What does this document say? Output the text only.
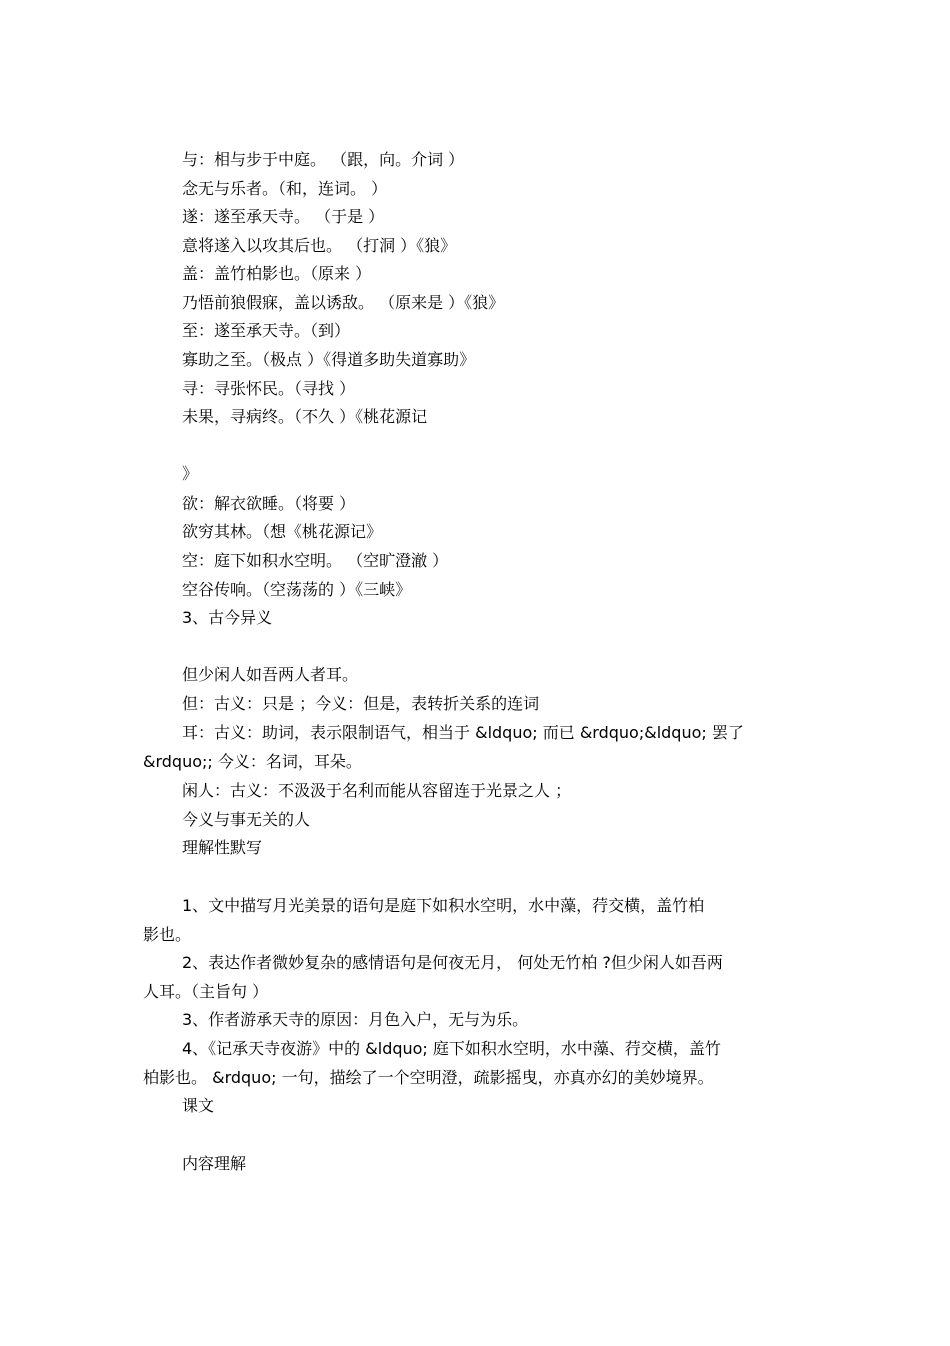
与：相与步于中庭。 （跟，向。介词 ）
念无与乐者。（和，连词。 ）
遂：遂至承天寺。 （于是 ）
意将遂入以攻其后也。 （打洞 ）《狼》
盖：盖竹柏影也。（原来 ）
乃悟前狼假寐，盖以诱敌。 （原来是 ）《狼》
至：遂至承天寺。（到）
寡助之至。（极点 ）《得道多助失道寡助》
寻：寻张怀民。（寻找 ）
未果，寻病终。（不久 ）《桃花源记
》
欲：解衣欲睡。（将要 ）
欲穷其林。（想《桃花源记》
空：庭下如积水空明。 （空旷澄澈 ）
空谷传响。（空荡荡的 ）《三峡》
3、古今异义
但少闲人如吾两人者耳。
但：古义：只是 ；今义：但是，表转折关系的连词
耳：古义：助词，表示限制语气，相当于 &ldquo; 而已 &rdquo;&ldquo; 罢了
&rdquo;; 今义：名词，耳朵。
闲人：古义：不汲汲于名利而能从容留连于光景之人 ；
今义与事无关的人
理解性默写
1、文中描写月光美景的语句是庭下如积水空明，水中藻，荇交横，盖竹柏
影也。
2、表达作者微妙复杂的感情语句是何夜无月， 何处无竹柏 ?但少闲人如吾两
人耳。（主旨句 ）
3、作者游承天寺的原因：月色入户，无与为乐。
4、《记承天寺夜游》中的 &ldquo; 庭下如积水空明，水中藻、荇交横，盖竹
柏影也。 &rdquo; 一句，描绘了一个空明澄，疏影摇曳，亦真亦幻的美妙境界。
课文
内容理解
